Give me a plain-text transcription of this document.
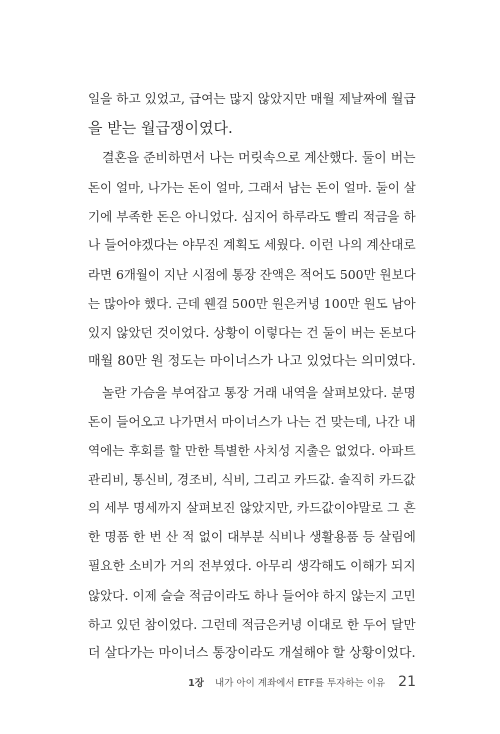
일을 하고 있었고, 급여는 많지 않았지만 매월 제날짜에 월급
을 받는 월급쟁이였다.
결혼을 준비하면서 나는 머릿속으로 계산했다. 둘이 버는
돈이 얼마, 나가는 돈이 얼마, 그래서 남는 돈이 얼마. 둘이 살
기에 부족한 돈은 아니었다. 심지어 하루라도 빨리 적금을 하
나 들어야겠다는 야무진 계획도 세웠다. 이런 나의 계산대로
라면 6개월이 지난 시점에 통장 잔액은 적어도 500만 원보다
는 많아야 했다. 근데 웬걸 500만 원은커녕 100만 원도 남아
있지 않았던 것이었다. 상황이 이렇다는 건 둘이 버는 돈보다
매월 80만 원 정도는 마이너스가 나고 있었다는 의미였다.
놀란 가슴을 부여잡고 통장 거래 내역을 살펴보았다. 분명
돈이 들어오고 나가면서 마이너스가 나는 건 맞는데, 나간 내
역에는 후회를 할 만한 특별한 사치성 지출은 없었다. 아파트
관리비, 통신비, 경조비, 식비, 그리고 카드값. 솔직히 카드값
의 세부 명세까지 살펴보진 않았지만, 카드값이야말로 그 흔
한 명품 한 번 산 적 없이 대부분 식비나 생활용품 등 살림에
필요한 소비가 거의 전부였다. 아무리 생각해도 이해가 되지
않았다. 이제 슬슬 적금이라도 하나 들어야 하지 않는지 고민
하고 있던 참이었다. 그런데 적금은커녕 이대로 한 두어 달만
더 살다가는 마이너스 통장이라도 개설해야 할 상황이었다.
1장 내가 아이 계좌에서 ETF를 투자하는 이유 21
